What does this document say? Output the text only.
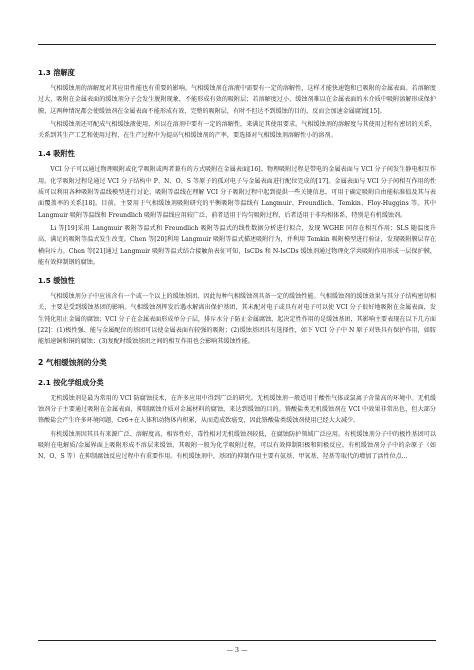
1.3 溶解度

气相缓蚀剂的溶解度对其应用性能也有重要的影响。气相缓蚀剂在溶液中需要有一定的溶解性，这样才能快速饱和已吸附的金属表面。若溶解度过大，吸附在金属表面的缓蚀剂分子会发生脱附现象，不能形成有效的吸附层；若溶解度过小，缓蚀剂难以在金属表面的水介质中吸附溶解形成保护膜，这两种情况都会使缓蚀剂在金属表面不能形成有效、完整的吸附层，有时不但达不到缓蚀的目的，反而会加速金属腐蚀[15]。

气相缓蚀剂还可配成气相缓蚀液使用，所以在溶剂中要有一定的溶解性，来满足其使用要求。气相缓蚀剂的溶解度与其使用过程有密切的关系，关系到其生产工艺和使用过程，在生产过程中为提高气相缓蚀剂的产率，要选择对气相缓蚀剂溶解性小的溶剂。

1.4 吸附性

VCI 分子可以通过物理吸附或化学吸附或两者兼有的方式吸附在金属表面[16]。物理吸附过程是带电的金属表面与 VCI 分子间发生静电相互作用。化学吸附过程是通过 VCI 分子结构中 P、N、O、S 等原子的孤对电子与金属表面进行配位完成的[17]。金属表面与 VCI 分子间相互作用的性质可以利用各种吸附等温线模型进行讨论，吸附等温线在理解 VCI 分子吸附过程中起到提供一些关键信息，可用于确定吸附自由能标准值及其与表面覆盖率的关系[18]。目前，主要用于气相缓蚀剂吸附研究的平衡吸附等温线有 Langmuir、Freundlich、Temkin、Floy-Huggins 等。其中 Langmuir 吸附等温线和 Freundlich 吸附等温线应用较广泛，前者适用于均匀吸附过程，后者适用于非均相体系，特别是有机缓蚀剂。

Li 等[19]采用 Langmuir 吸附等温式和 Freundlich 吸附等温式的线性数据分析进行拟合，发现 WGHE 同存在相互作用；SLS 随温度升高，满足的吸附等温式发生改变。Chen 等[20]利用 Langmuir 吸附等温式描述吸附行为，并利用 Temkin 吸附模型进行验证，发现吸附膜层存在横向斥力。Chen 等[21]通过 Langmuir 吸附等温式结合接触角表征可知，IsCDs 和 N-IsCDs 缓蚀剂通过物理化学共吸附作用形成一层保护膜，能有效抑制钢的腐蚀。

1.5 缓蚀性

气相缓蚀剂分子中应该含有一个或一个以上的缓蚀基团，因此每种气相缓蚀剂具备一定的缓蚀性能。气相缓蚀剂的缓蚀效果与其分子结构密切相关，主要是受到缓蚀基团的影响。气相缓蚀剂挥发后遇水解离出保护基团，其未配对电子或具有对电子可以使 VCI 分子很好地吸附在金属表面，发生钝化阻止金属的腐蚀；VCI 分子在金属表面形成单分子层，排斥水分子防止金属腐蚀，起决定性作用的是缓蚀基团，其影响主要表现在以下几方面[22]：(1)极性强、能与金属配位的基团可以使金属表面有较强的吸附；(2)缓蚀基团具有选择性，如下 VCI 分子中 N 原子对铁具有保护作用，如胺能加速铜和铜的腐蚀；(3)复配时缓蚀基团之间的相互作用也会影响其缓蚀性能。

2 气相缓蚀剂的分类
2.1 按化学组成分类

无机缓蚀剂是最为常用的 VCI 防腐蚀技术，在许多应用中得到广泛的研究。无机缓蚀剂一般适用于酸性气体或氯离子含量高的环境中。无机缓蚀剂分子主要通过吸附在金属表面，抑制腐蚀介质对金属材料的腐蚀，来达到缓蚀的目的。铬酸盐类无机缓蚀剂在 VCI 中效果非常出色，但大部分铬酸盐会产生许多环境问题，Cr6+在人体和动物体内积累，从而造成致癌变，因此铬酸盐类缓蚀剂使用已经大大减少。

有机缓蚀剂因其具有来源广泛、溶解度高、相容性好、毒性相对无机缓蚀剂较低，在腐蚀防护领域广泛应用。有机缓蚀剂分子中的极性基团可以吸附在电解质/金属界面上吸附形成不溶层来缓蚀，其吸附一般为化学吸附过程，可以有效抑制阳极和阴极反应。有机缓蚀剂分子中的杂原子（如 N、O、S 等）在抑制腐蚀反应过程中有重要作用。有机缓蚀剂中，基团的抑制作用主要有氨基、甲氧基、羟基等取代的增加了活性位点...

— 3 —
